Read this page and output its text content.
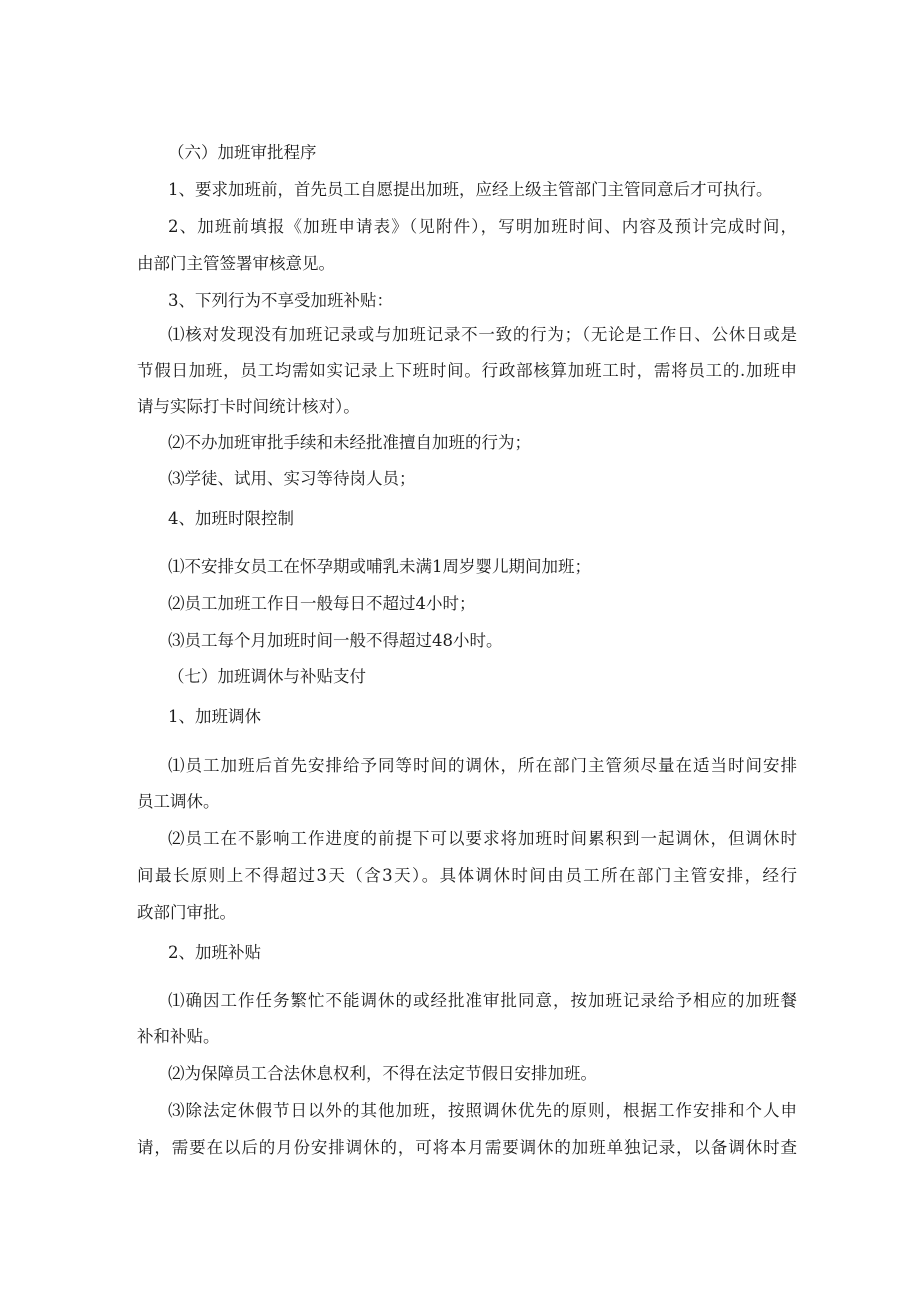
（六）加班审批程序
1、要求加班前，首先员工自愿提出加班，应经上级主管部门主管同意后才可执行。
2、加班前填报《加班申请表》（见附件），写明加班时间、内容及预计完成时间，
由部门主管签署审核意见。
3、下列行为不享受加班补贴：
⑴核对发现没有加班记录或与加班记录不一致的行为；（无论是工作日、公休日或是
节假日加班，员工均需如实记录上下班时间。行政部核算加班工时，需将员工的.加班申
请与实际打卡时间统计核对）。
⑵不办加班审批手续和未经批准擅自加班的行为；
⑶学徒、试用、实习等待岗人员；
4、加班时限控制
⑴不安排女员工在怀孕期或哺乳未满1周岁婴儿期间加班；
⑵员工加班工作日一般每日不超过4小时；
⑶员工每个月加班时间一般不得超过48小时。
（七）加班调休与补贴支付
1、加班调休
⑴员工加班后首先安排给予同等时间的调休，所在部门主管须尽量在适当时间安排
员工调休。
⑵员工在不影响工作进度的前提下可以要求将加班时间累积到一起调休，但调休时
间最长原则上不得超过3天（含3天）。具体调休时间由员工所在部门主管安排，经行
政部门审批。
2、加班补贴
⑴确因工作任务繁忙不能调休的或经批准审批同意，按加班记录给予相应的加班餐
补和补贴。
⑵为保障员工合法休息权利，不得在法定节假日安排加班。
⑶除法定休假节日以外的其他加班，按照调休优先的原则，根据工作安排和个人申
请，需要在以后的月份安排调休的，可将本月需要调休的加班单独记录，以备调休时查
